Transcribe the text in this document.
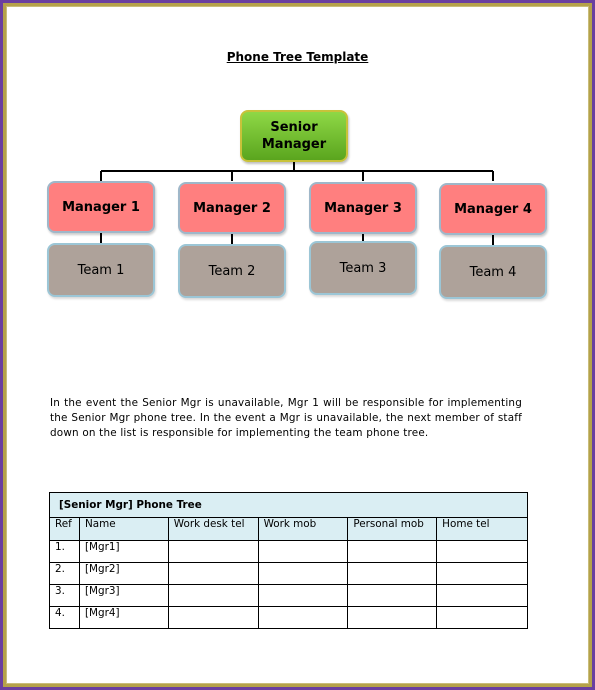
Phone Tree Template
Senior
Manager
Manager 1	Manager 2	Manager 3	Manager 4
Team 1	Team 2	Team 3	Team 4
In the event the Senior Mgr is unavailable, Mgr 1 will be responsible for implementing the Senior Mgr phone tree. In the event a Mgr is unavailable, the next member of staff down on the list is responsible for implementing the team phone tree.
[Senior Mgr] Phone Tree					
Ref	Name	Work desk tel	Work mob	Personal mob	Home tel
1.	[Mgr1]				
2.	[Mgr2]				
3.	[Mgr3]				
4.	[Mgr4]				
